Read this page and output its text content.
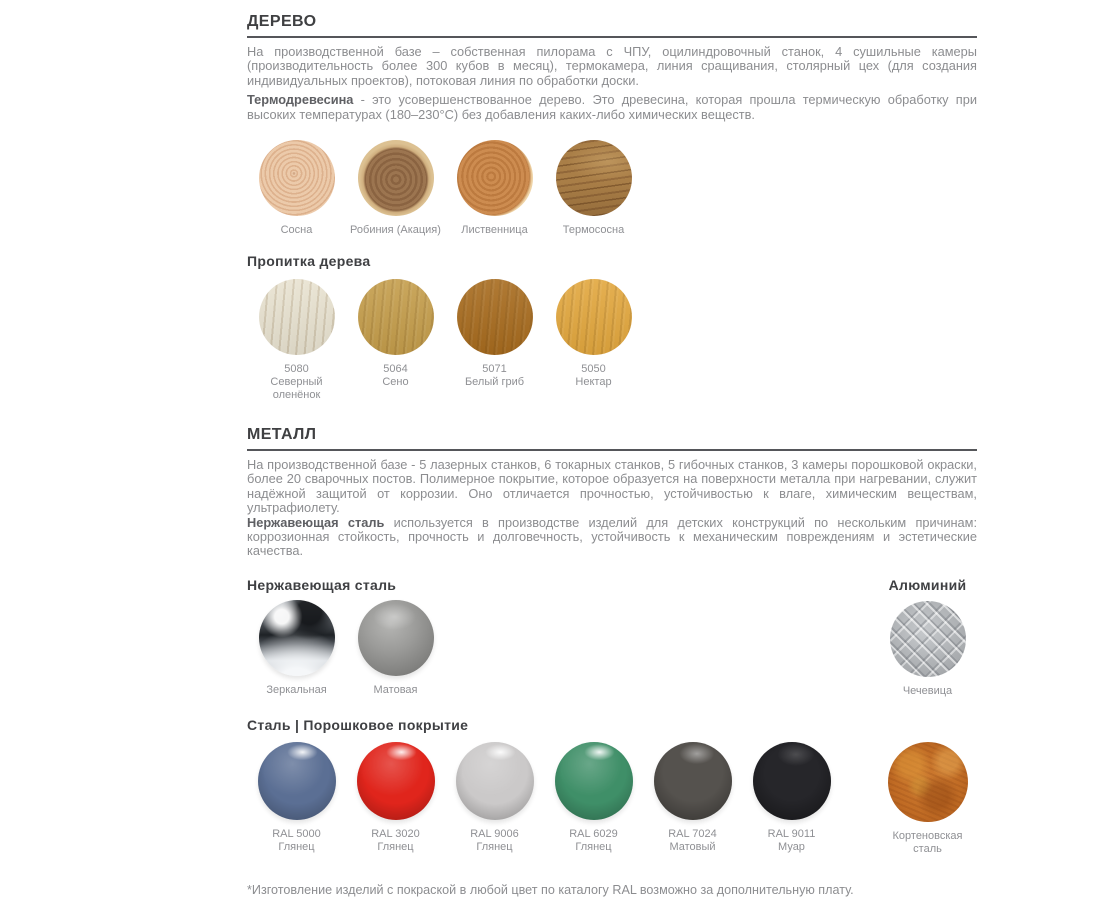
ДЕРЕВО

На производственной базе – собственная пилорама с ЧПУ, оцилиндровочный станок, 4 сушильные камеры (производительность более 300 кубов в месяц), термокамера, линия сращивания, столярный цех (для создания индивидуальных проектов), потоковая линия по обработки доски.

Термодревесина - это усовершенствованное дерево. Это древесина, которая прошла термическую обработку при высоких температурах (180–230°С) без добавления каких-либо химических веществ.

Сосна	Робиния (Акация) Лиственница	Термососна
Пропитка дерева
5080
Северный оленёнок
5064
Сено
5071
Белый гриб
5050
Нектар
МЕТАЛЛ

На производственной базе - 5 лазерных станков, 6 токарных станков, 5 гибочных станков, 3 камеры порошковой окраски, более 20 сварочных постов. Полимерное покрытие, которое образуется на поверхности металла при нагревании, служит надёжной защитой от коррозии. Оно отличается прочностью, устойчивостью к влаге, химическим веществам, ультрафиолету.

Нержавеющая сталь используется в производстве изделий для детских конструкций по нескольким причинам: коррозионная стойкость, прочность и долговечность, устойчивость к механическим повреждениям и эстетические качества.

Нержавеющая сталь
Зеркальная	Матовая
Алюминий
Чечевица
Сталь | Порошковое покрытие
RAL 5000
Глянец
RAL 3020
Глянец
RAL 9006
Глянец
RAL 6029
Глянец
RAL 7024
Матовый
RAL 9011
Муар
Кортеновская сталь

*Изготовление изделий с покраской в любой цвет по каталогу RAL возможно за дополнительную плату.
